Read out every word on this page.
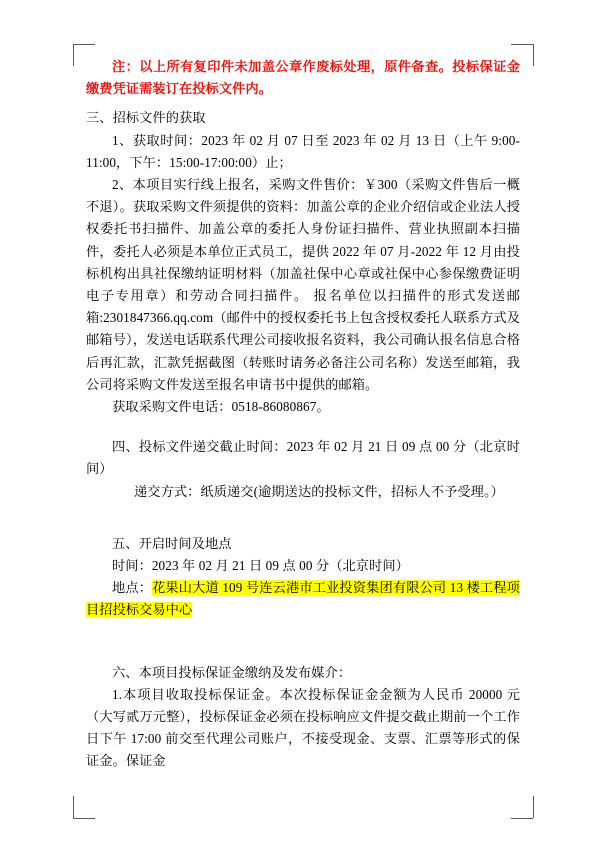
注：以上所有复印件未加盖公章作废标处理，原件备查。投标保证金缴费凭证需装订在投标文件内。

三、招标文件的获取

1、获取时间：2023 年 02 月 07 日至 2023 年 02 月 13 日（上午 9:00-11:00，下午：15:00-17:00:00）止；

2、本项目实行线上报名，采购文件售价：￥300（采购文件售后一概不退）。获取采购文件须提供的资料：加盖公章的企业介绍信或企业法人授权委托书扫描件、加盖公章的委托人身份证扫描件、营业执照副本扫描件，委托人必须是本单位正式员工，提供 2022 年 07 月-2022 年 12 月由投标机构出具社保缴纳证明材料（加盖社保中心章或社保中心参保缴费证明电子专用章）和劳动合同扫描件。 报名单位以扫描件的形式发送邮箱:2301847366.qq.com（邮件中的授权委托书上包含授权委托人联系方式及邮箱号），发送电话联系代理公司接收报名资料，我公司确认报名信息合格后再汇款，汇款凭据截图（转账时请务必备注公司名称）发送至邮箱，我公司将采购文件发送至报名申请书中提供的邮箱。

获取采购文件电话：0518-86080867。

四、投标文件递交截止时间：2023 年 02 月 21 日 09 点 00 分（北京时间）

递交方式：纸质递交(逾期送达的投标文件，招标人不予受理。）

五、开启时间及地点

时间：2023 年 02 月 21 日 09 点 00 分（北京时间）

地点：花果山大道 109 号连云港市工业投资集团有限公司 13 楼工程项目招投标交易中心

六、本项目投标保证金缴纳及发布媒介：

1.本项目收取投标保证金。本次投标保证金金额为人民币 20000 元（大写贰万元整），投标保证金必须在投标响应文件提交截止期前一个工作日下午 17:00 前交至代理公司账户，不接受现金、支票、汇票等形式的保证金。保证金
